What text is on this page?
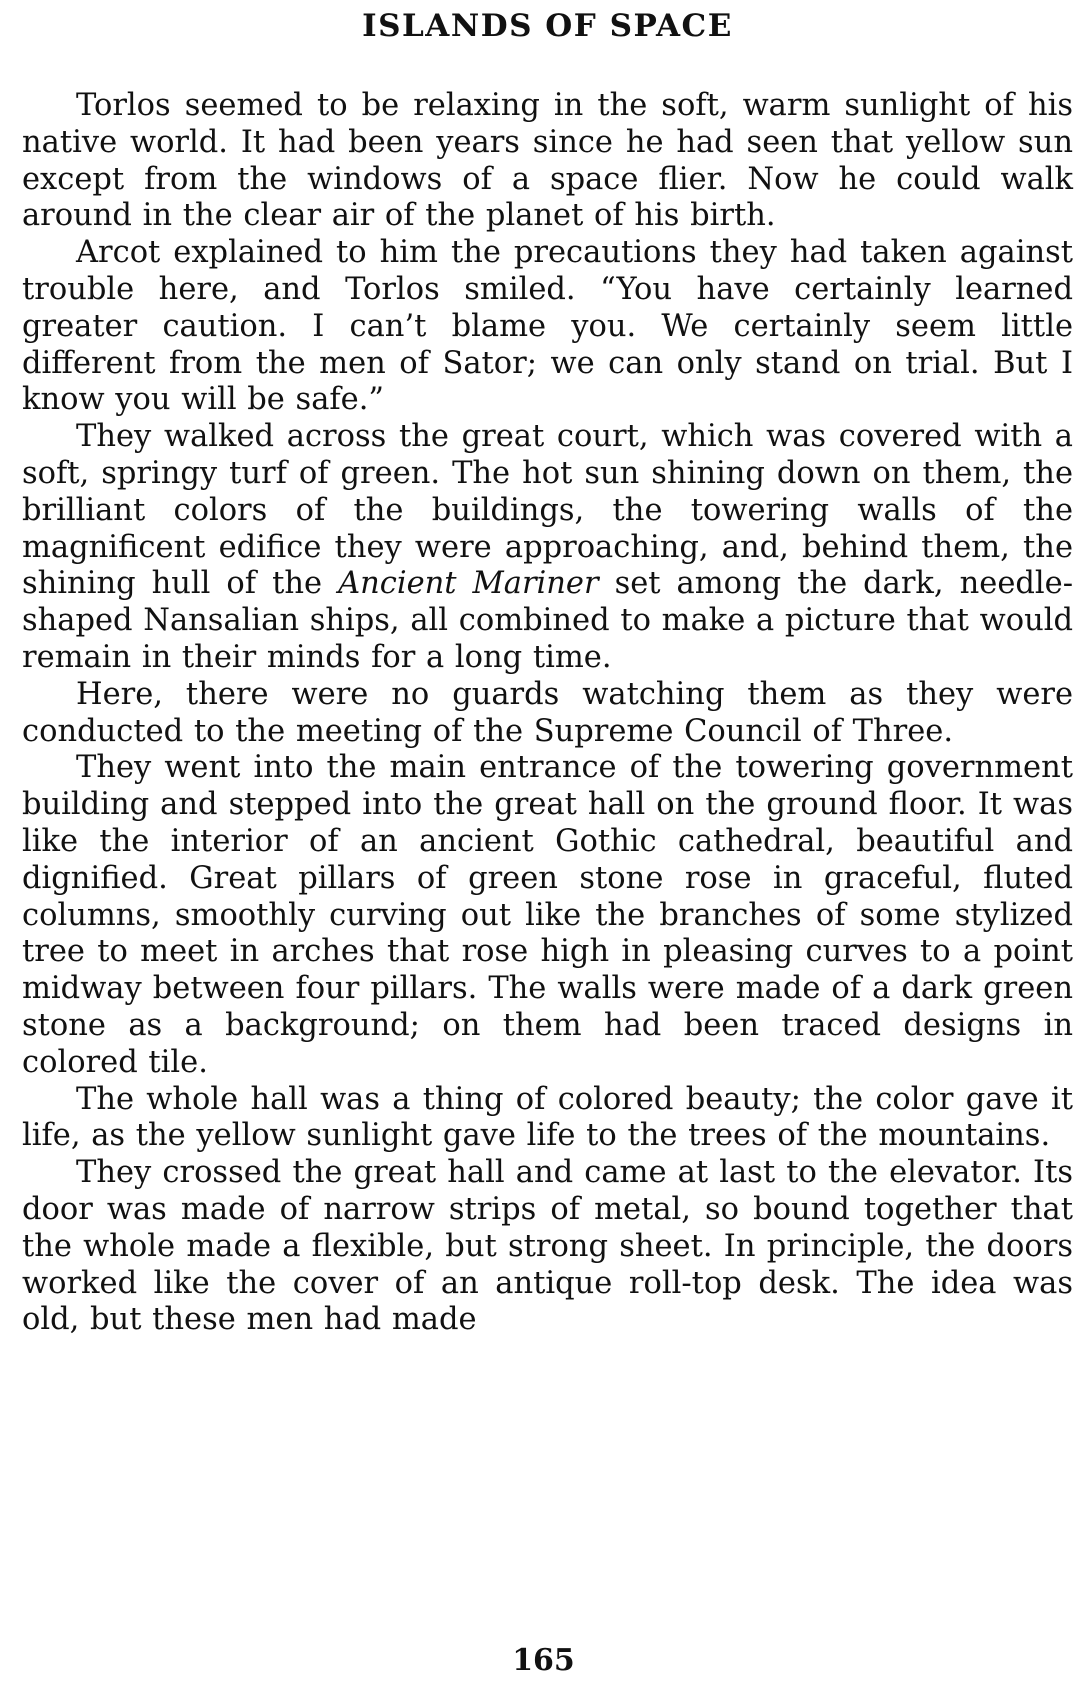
ISLANDS OF SPACE

Torlos seemed to be relaxing in the soft, warm sunlight of his native world. It had been years since he had seen that yellow sun except from the windows of a space flier. Now he could walk around in the clear air of the planet of his birth.

Arcot explained to him the precautions they had taken against trouble here, and Torlos smiled. “You have certainly learned greater caution. I can’t blame you. We certainly seem little different from the men of Sator; we can only stand on trial. But I know you will be safe.”

They walked across the great court, which was covered with a soft, springy turf of green. The hot sun shining down on them, the brilliant colors of the buildings, the towering walls of the magnificent edifice they were approaching, and, behind them, the shining hull of the Ancient Mariner set among the dark, needle-shaped Nansalian ships, all combined to make a picture that would remain in their minds for a long time.

Here, there were no guards watching them as they were conducted to the meeting of the Supreme Council of Three.

They went into the main entrance of the towering government building and stepped into the great hall on the ground floor. It was like the interior of an ancient Gothic cathedral, beautiful and dignified. Great pillars of green stone rose in graceful, fluted columns, smoothly curving out like the branches of some stylized tree to meet in arches that rose high in pleasing curves to a point midway between four pillars. The walls were made of a dark green stone as a background; on them had been traced designs in colored tile.

The whole hall was a thing of colored beauty; the color gave it life, as the yellow sunlight gave life to the trees of the mountains.

They crossed the great hall and came at last to the elevator. Its door was made of narrow strips of metal, so bound together that the whole made a flexible, but strong sheet. In principle, the doors worked like the cover of an antique roll-top desk. The idea was old, but these men had made

165
